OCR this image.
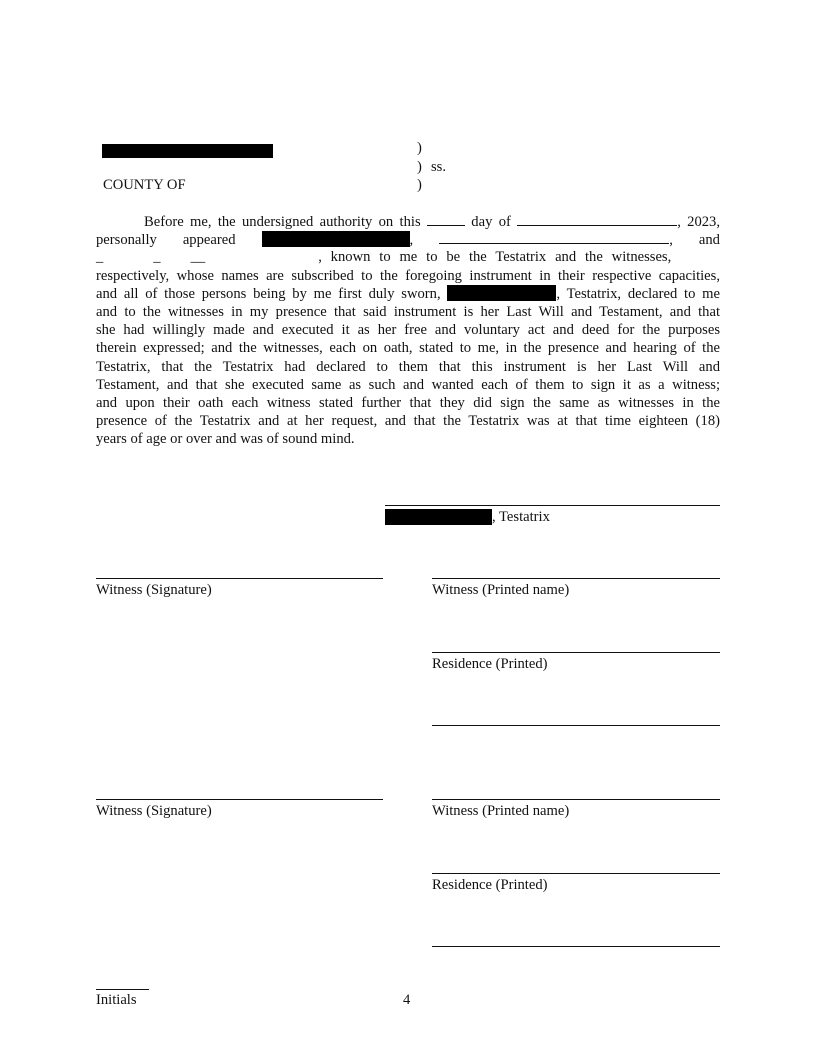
)
) ss.
COUNTY OF	)
Before me, the undersigned authority on this	day of	, 2023,
personally appeared	,	, and
_	_ __	, known to me to be the Testatrix and the witnesses,
respectively, whose names are subscribed to the foregoing instrument in their respective capacities,
and all of those persons being by me first duly sworn,	, Testatrix, declared to me
and to the witnesses in my presence that said instrument is her Last Will and Testament, and that
she had willingly made and executed it as her free and voluntary act and deed for the purposes
therein expressed; and the witnesses, each on oath, stated to me, in the presence and hearing of the
Testatrix, that the Testatrix had declared to them that this instrument is her Last Will and
Testament, and that she executed same as such and wanted each of them to sign it as a witness;
and upon their oath each witness stated further that they did sign the same as witnesses in the
presence of the Testatrix and at her request, and that the Testatrix was at that time eighteen (18)
years of age or over and was of sound mind.
, Testatrix
Witness (Signature)	Witness (Printed name)
Residence (Printed)
Witness (Signature)	Witness (Printed name)
Residence (Printed)
Initials	4
